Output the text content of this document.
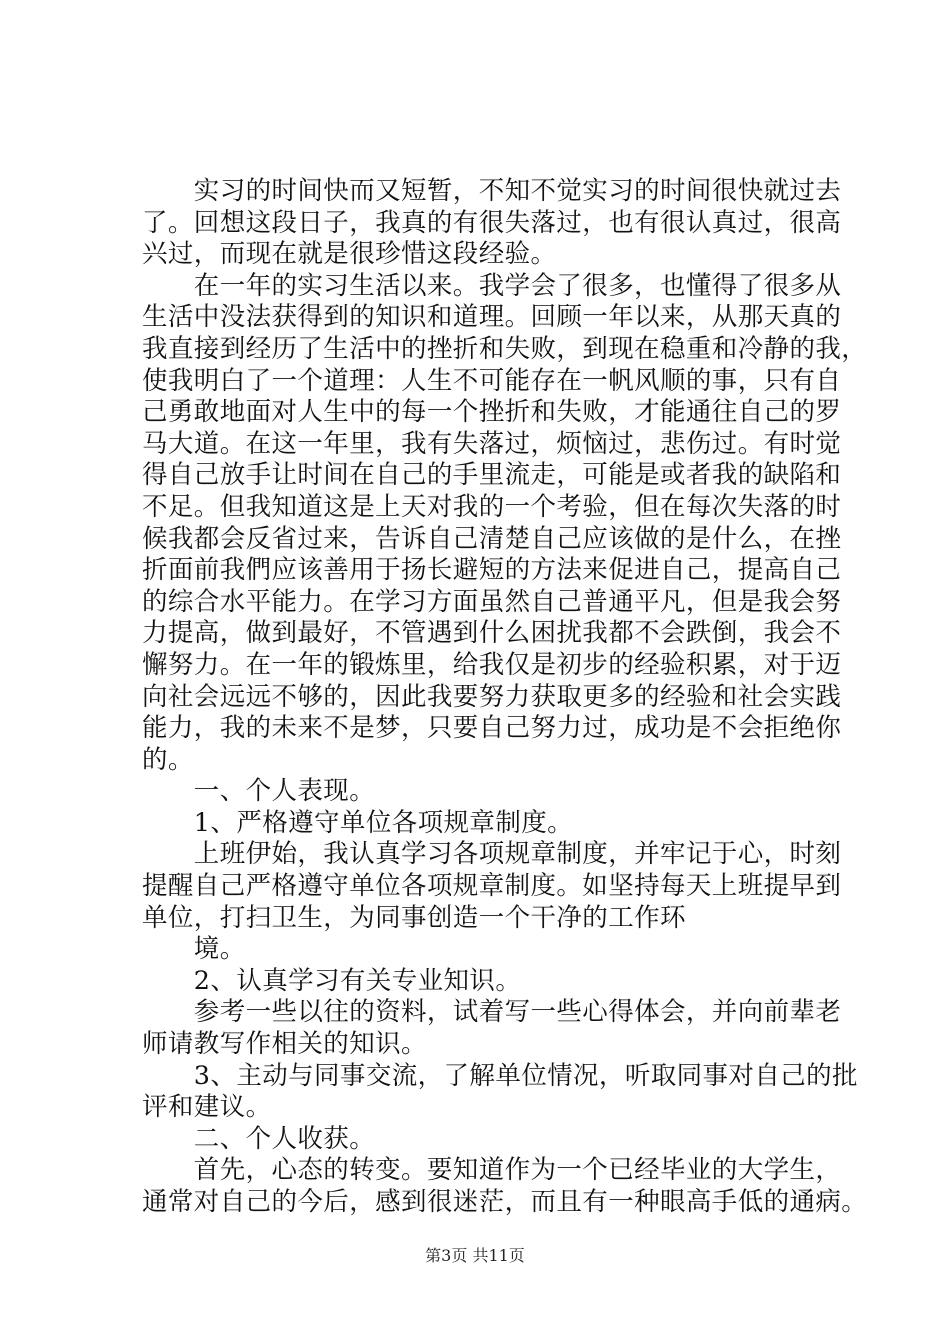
　　实习的时间快而又短暂，不知不觉实习的时间很快就过去
了。回想这段日子，我真的有很失落过，也有很认真过，很高
兴过，而现在就是很珍惜这段经验。
　　在一年的实习生活以来。我学会了很多，也懂得了很多从
生活中没法获得到的知识和道理。回顾一年以来，从那天真的
我直接到经历了生活中的挫折和失败，到现在稳重和冷静的我，
使我明白了一个道理：人生不可能存在一帆风顺的事，只有自
己勇敢地面对人生中的每一个挫折和失败，才能通往自己的罗
马大道。在这一年里，我有失落过，烦恼过，悲伤过。有时觉
得自己放手让时间在自己的手里流走，可能是或者我的缺陷和
不足。但我知道这是上天对我的一个考验，但在每次失落的时
候我都会反省过来，告诉自己清楚自己应该做的是什么，在挫
折面前我們应该善用于扬长避短的方法来促进自己，提高自己
的综合水平能力。在学习方面虽然自己普通平凡，但是我会努
力提高，做到最好，不管遇到什么困扰我都不会跌倒，我会不
懈努力。在一年的锻炼里，给我仅是初步的经验积累，对于迈
向社会远远不够的，因此我要努力获取更多的经验和社会实践
能力，我的未来不是梦，只要自己努力过，成功是不会拒绝你
的。
　　一、个人表现。
　　1、严格遵守单位各项规章制度。
　　上班伊始，我认真学习各项规章制度，并牢记于心，时刻
提醒自己严格遵守单位各项规章制度。如坚持每天上班提早到
单位，打扫卫生，为同事创造一个干净的工作环
　　境。
　　2、认真学习有关专业知识。
　　参考一些以往的资料，试着写一些心得体会，并向前辈老
师请教写作相关的知识。
　　3、主动与同事交流，了解单位情况，听取同事对自己的批
评和建议。
　　二、个人收获。
　　首先，心态的转变。要知道作为一个已经毕业的大学生，
通常对自己的今后，感到很迷茫，而且有一种眼高手低的通病。
第3页 共11页
